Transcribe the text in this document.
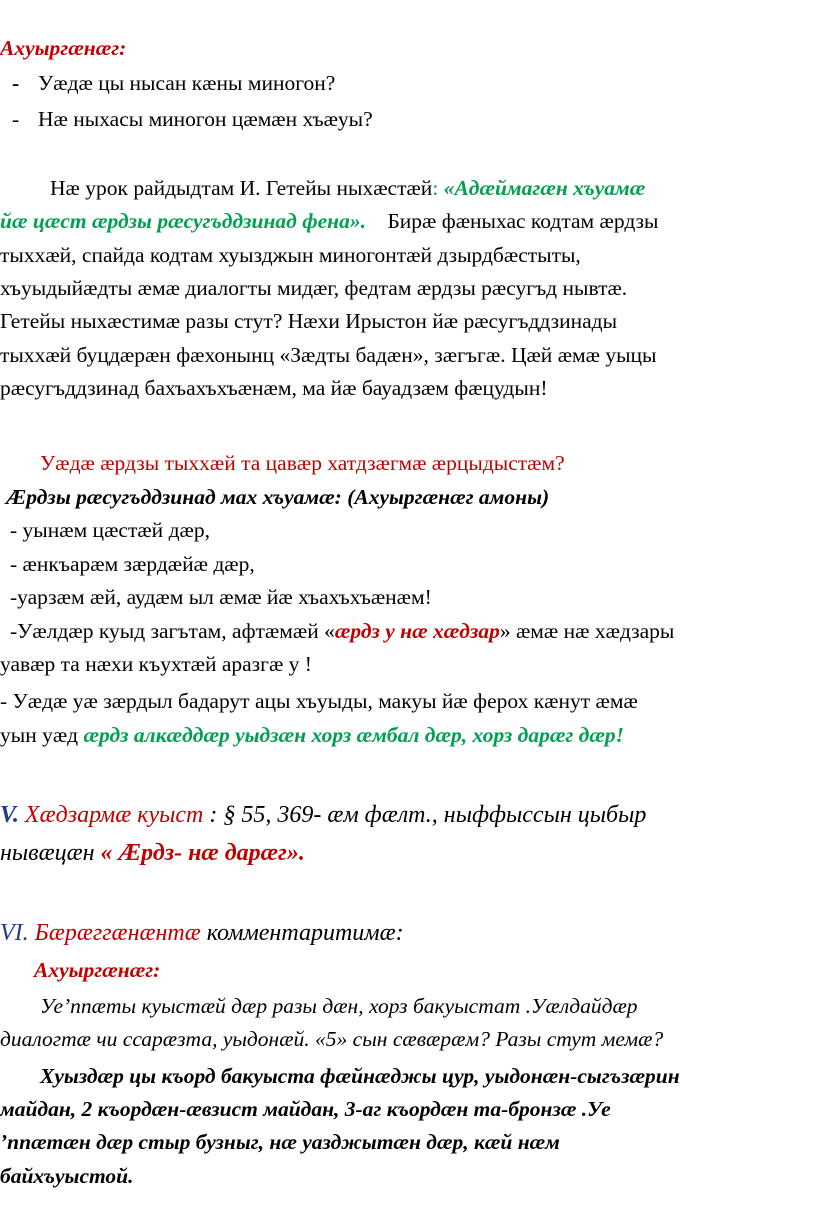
Ахуыргæнæг:
- Уæдæ цы нысан кæны миногон?
- Нæ ныхасы миногон цæмæн хъæуы?
Нæ урок райдыдтам И. Гетейы ныхæстæй: «Адæймагæн хъуамæ
йæ цæст æрдзы рæсугъддзинад фена». Бирæ фæныхас кодтам æрдзы
тыххæй, спайда кодтам хуызджын миногонтæй дзырдбæстыты,
хъуыдыйæдты æмæ диалогты мидæг, федтам æрдзы рæсугъд нывтæ.
Гетейы ныхæстимæ разы стут? Нæхи Ирыстон йæ рæсугъддзинады
тыххæй буцдæрæн фæхонынц «Зæдты бадæн», зæгъгæ. Цæй æмæ уыцы
рæсугъддзинад бахъахъхъæнæм, ма йæ бауадзæм фæцудын!
Уæдæ æрдзы тыххæй та цавæр хатдзæгмæ æрцыдыстæм?
Æрдзы рæсугъддзинад мах хъуамæ: (Ахуыргæнæг амоны)
- уынæм цæстæй дæр,
- æнкъарæм зæрдæйæ дæр,
-уарзæм æй, аудæм ыл æмæ йæ хъахъхъæнæм!
-Уæлдæр куыд загътам, афтæмæй «æрдз у нæ хæдзар» æмæ нæ хæдзары
уавæр та нæхи къухтæй аразгæ у !
- Уæдæ уæ зæрдыл бадарут ацы хъуыды, макуы йæ ферох кæнут æмæ
уын уæд æрдз алкæддæр уыдзæн хорз æмбал дæр, хорз дарæг дæр!
V. Хæдзармæ куыст : § 55, 369- æм фæлт., ныффыссын цыбыр
нывæцæн « Æрдз- нæ дарæг».
VI. Бæрæггæнæнтæ комментаритимæ:
Ахуыргæнæг:
Уе’ппæты куыстæй дæр разы дæн, хорз бакуыстат .Уæлдайдæр
диалогтæ чи ссарæзта, уыдонæй. «5» сын сæвæрæм? Разы стут мемæ?
Хуыздæр цы къорд бакуыста фæйнæджы цур, уыдонæн-сыгъзæрин
майдан, 2 къордæн-æвзист майдан, 3-аг къордæн та-бронзæ .Уе
’ппæтæн дæр стыр бузныг, нæ уазджытæн дæр, кæй нæм
байхъуыстой.
